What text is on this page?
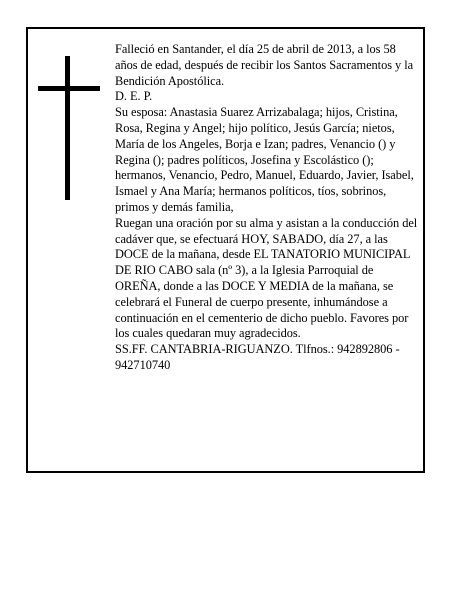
Falleció en Santander, el día 25 de abril de 2013, a los 58 años de edad, después de recibir los Santos Sacramentos y la Bendición Apostólica.

D. E. P.

Su esposa: Anastasia Suarez Arrizabalaga; hijos, Cristina, Rosa, Regina y Angel; hijo político, Jesús García; nietos, María de los Angeles, Borja e Izan; padres, Venancio () y Regina (); padres políticos, Josefina y Escolástico (); hermanos, Venancio, Pedro, Manuel, Eduardo, Javier, Isabel, Ismael y Ana María; hermanos políticos, tíos, sobrinos, primos y demás familia,

Ruegan una oración por su alma y asistan a la conducción del cadáver que, se efectuará HOY, SABADO, día 27, a las DOCE de la mañana, desde EL TANATORIO MUNICIPAL DE RIO CABO sala (nº 3), a la Iglesia Parroquial de OREÑA, donde a las DOCE Y MEDIA de la mañana, se celebrará el Funeral de cuerpo presente, inhumándose a continuación en el cementerio de dicho pueblo. Favores por los cuales quedaran muy agradecidos.

SS.FF. CANTABRIA-RIGUANZO. Tlfnos.: 942892806 - 942710740
